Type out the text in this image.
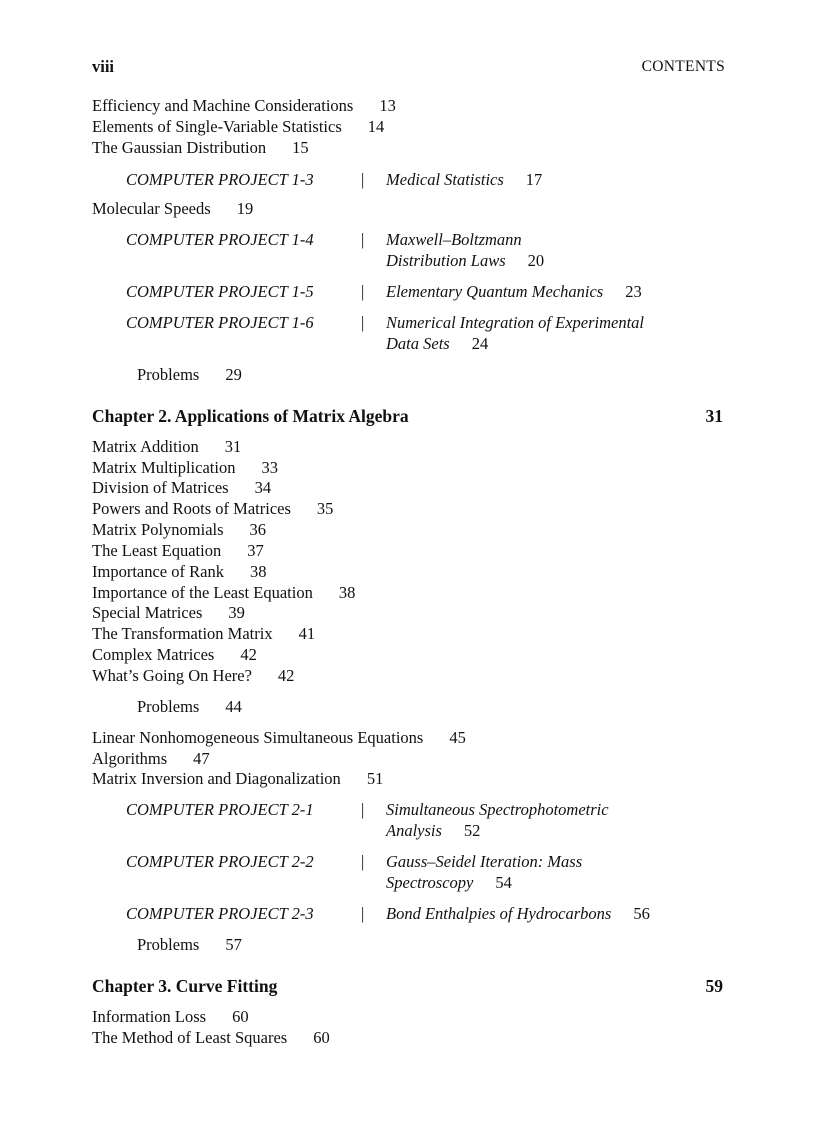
viii	CONTENTS
Efficiency and Machine Considerations 13
Elements of Single-Variable Statistics 14
The Gaussian Distribution 15
COMPUTER PROJECT 1-3	| Medical Statistics 17
Molecular Speeds 19
COMPUTER PROJECT 1-4	| Maxwell–Boltzmann
Distribution Laws 20
COMPUTER PROJECT 1-5	| Elementary Quantum Mechanics 23
COMPUTER PROJECT 1-6	| Numerical Integration of Experimental
Data Sets 24
Problems 29
Chapter 2. Applications of Matrix Algebra	31
Matrix Addition 31
Matrix Multiplication 33
Division of Matrices 34
Powers and Roots of Matrices 35
Matrix Polynomials 36
The Least Equation 37
Importance of Rank 38
Importance of the Least Equation 38
Special Matrices 39
The Transformation Matrix 41
Complex Matrices 42
What’s Going On Here? 42
Problems 44
Linear Nonhomogeneous Simultaneous Equations 45
Algorithms 47
Matrix Inversion and Diagonalization 51
COMPUTER PROJECT 2-1	| Simultaneous Spectrophotometric
Analysis 52
COMPUTER PROJECT 2-2	| Gauss–Seidel Iteration: Mass
Spectroscopy 54
COMPUTER PROJECT 2-3	| Bond Enthalpies of Hydrocarbons 56
Problems 57
Chapter 3. Curve Fitting	59
Information Loss 60
The Method of Least Squares 60
